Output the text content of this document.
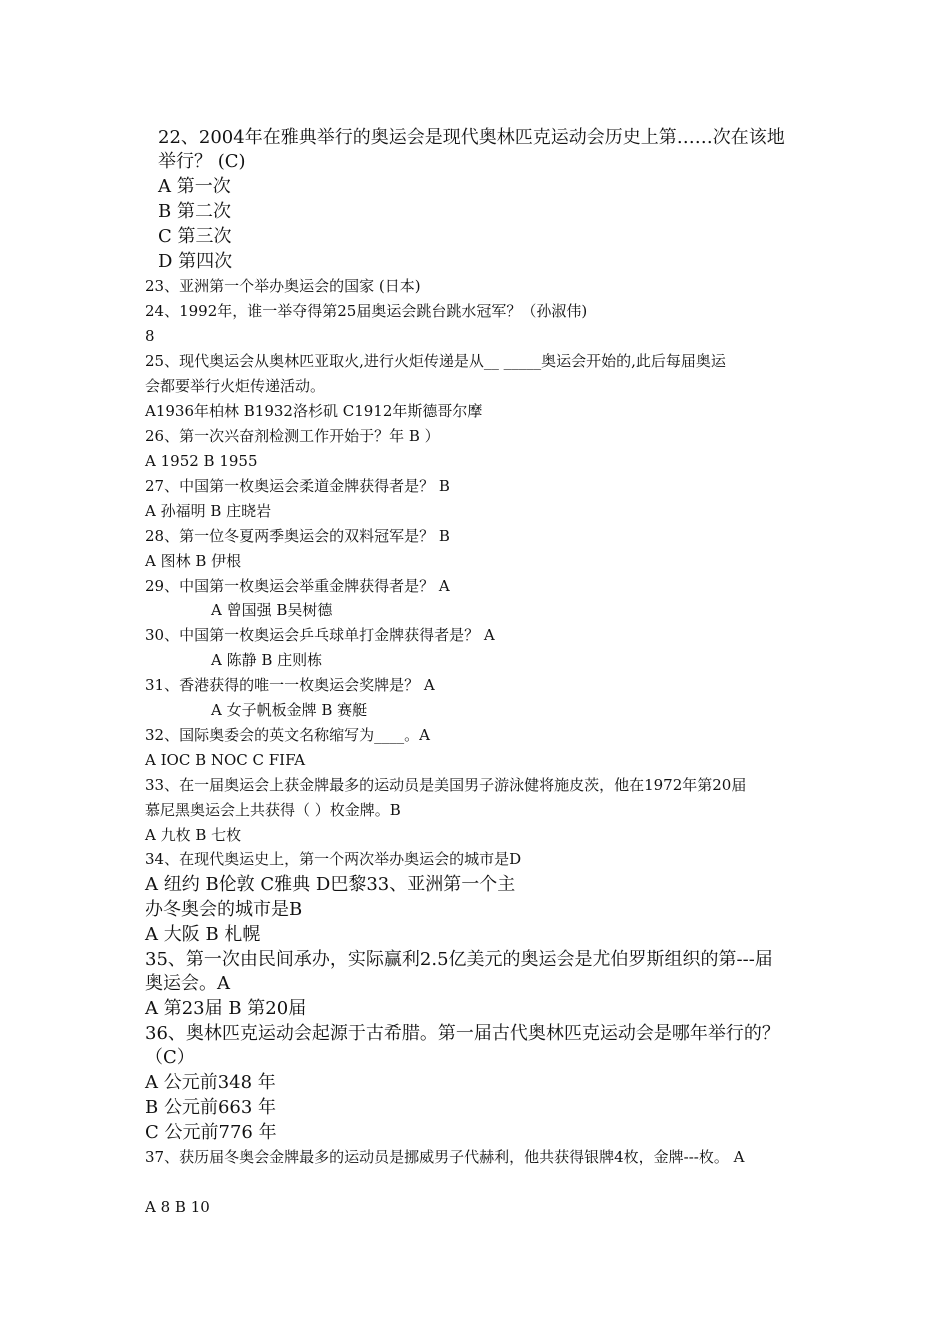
22、2004年在雅典举行的奥运会是现代奥林匹克运动会历史上第……次在该地
举行？ (C)
A 第一次
B 第二次
C 第三次
D 第四次
23、亚洲第一个举办奥运会的国家 (日本)
24、1992年，谁一举夺得第25届奥运会跳台跳水冠军？（孙淑伟)
8
25、现代奥运会从奥林匹亚取火,进行火炬传递是从__ _____奥运会开始的,此后每届奥运
会都要举行火炬传递活动。
A1936年柏林 B1932洛杉矶 C1912年斯德哥尔摩
26、第一次兴奋剂检测工作开始于？年 B ）
A 1952 B 1955
27、中国第一枚奥运会柔道金牌获得者是？ B
A 孙福明 B 庄晓岩
28、第一位冬夏两季奥运会的双料冠军是？ B
A 图林 B 伊根
29、中国第一枚奥运会举重金牌获得者是？ A
A 曾国强 B吴树德
30、中国第一枚奥运会乒乓球单打金牌获得者是？ A
A 陈静 B 庄则栋
31、香港获得的唯一一枚奥运会奖牌是？ A
A 女子帆板金牌 B 赛艇
32、国际奥委会的英文名称缩写为____。A
A IOC B NOC C FIFA
33、在一届奥运会上获金牌最多的运动员是美国男子游泳健将施皮茨，他在1972年第20届
慕尼黑奥运会上共获得（ ）枚金牌。B
A 九枚 B 七枚
34、在现代奥运史上，第一个两次举办奥运会的城市是D
A 纽约 B伦敦 C雅典 D巴黎33、亚洲第一个主
办冬奥会的城市是B
A 大阪 B 札幌
35、第一次由民间承办，实际赢利2.5亿美元的奥运会是尤伯罗斯组织的第---届
奥运会。A
A 第23届 B 第20届
36、奥林匹克运动会起源于古希腊。第一届古代奥林匹克运动会是哪年举行的？
（C）
A 公元前348 年
B 公元前663 年
C 公元前776 年
37、获历届冬奥会金牌最多的运动员是挪威男子代赫利，他共获得银牌4枚，金牌---枚。 A
A 8 B 10
